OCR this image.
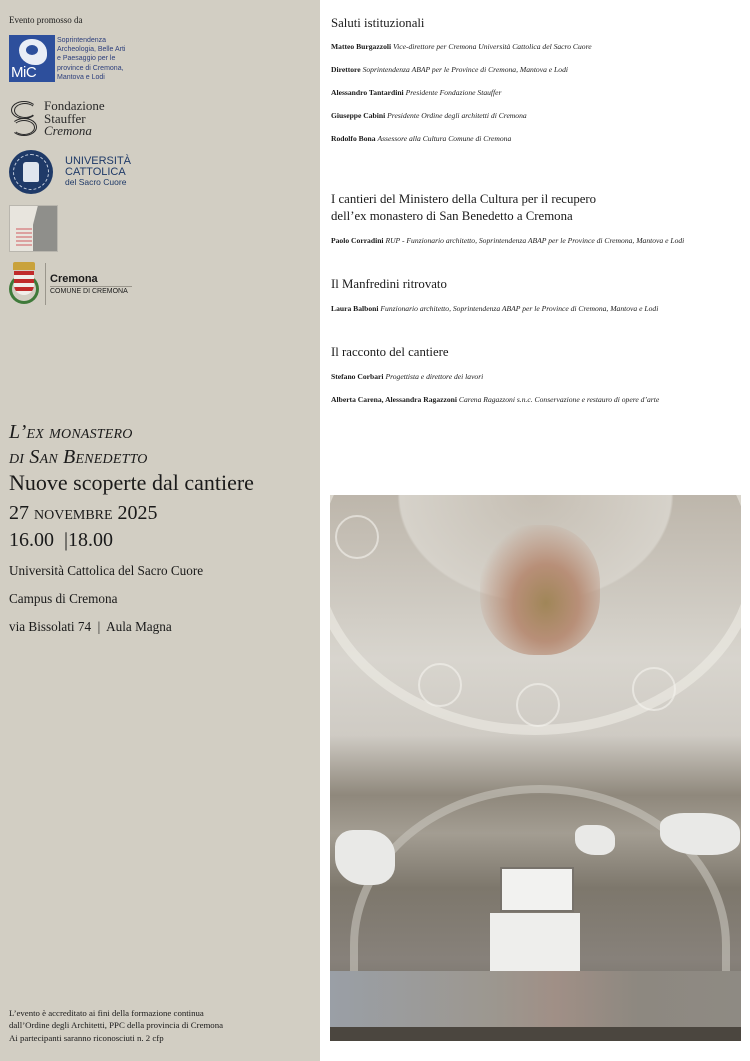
Evento promosso da
MiC
Soprintendenza
Archeologia, Belle Arti
e Paesaggio per le
province di Cremona,
Mantova e Lodi
Fondazione
Stauffer
Cremona
UNIVERSITÀ
CATTOLICA
del Sacro Cuore
Cremona
COMUNE DI CREMONA
L’ex monastero
di San Benedetto
Nuove scoperte dal cantiere
27 novembre 2025
16.00  |18.00
Università Cattolica del Sacro Cuore
Campus di Cremona
via Bissolati 74  |  Aula Magna
L’evento è accreditato ai fini della formazione continua
dall’Ordine degli Architetti, PPC della provincia di Cremona
Ai partecipanti saranno riconosciuti n. 2 cfp
Saluti istituzionali
Matteo Burgazzoli Vice-direttore per Cremona Università Cattolica del Sacro Cuore
Direttore Soprintendenza ABAP per le Province di Cremona, Mantova e Lodi
Alessandro Tantardini Presidente Fondazione Stauffer
Giuseppe Cabini Presidente Ordine degli architetti di Cremona
Rodolfo Bona Assessore alla Cultura Comune di Cremona
I cantieri del Ministero della Cultura per il recupero
dell’ex monastero di San Benedetto a Cremona
Paolo Corradini RUP - Funzionario architetto, Soprintendenza ABAP per le Province di Cremona, Mantova e Lodi
Il Manfredini ritrovato
Laura Balboni Funzionario architetto, Soprintendenza ABAP per le Province di Cremona, Mantova e Lodi
Il racconto del cantiere
Stefano Corbari Progettista e direttore dei lavori
Alberta Carena, Alessandra Ragazzoni Carena Ragazzoni s.n.c. Conservazione e restauro di opere d’arte
